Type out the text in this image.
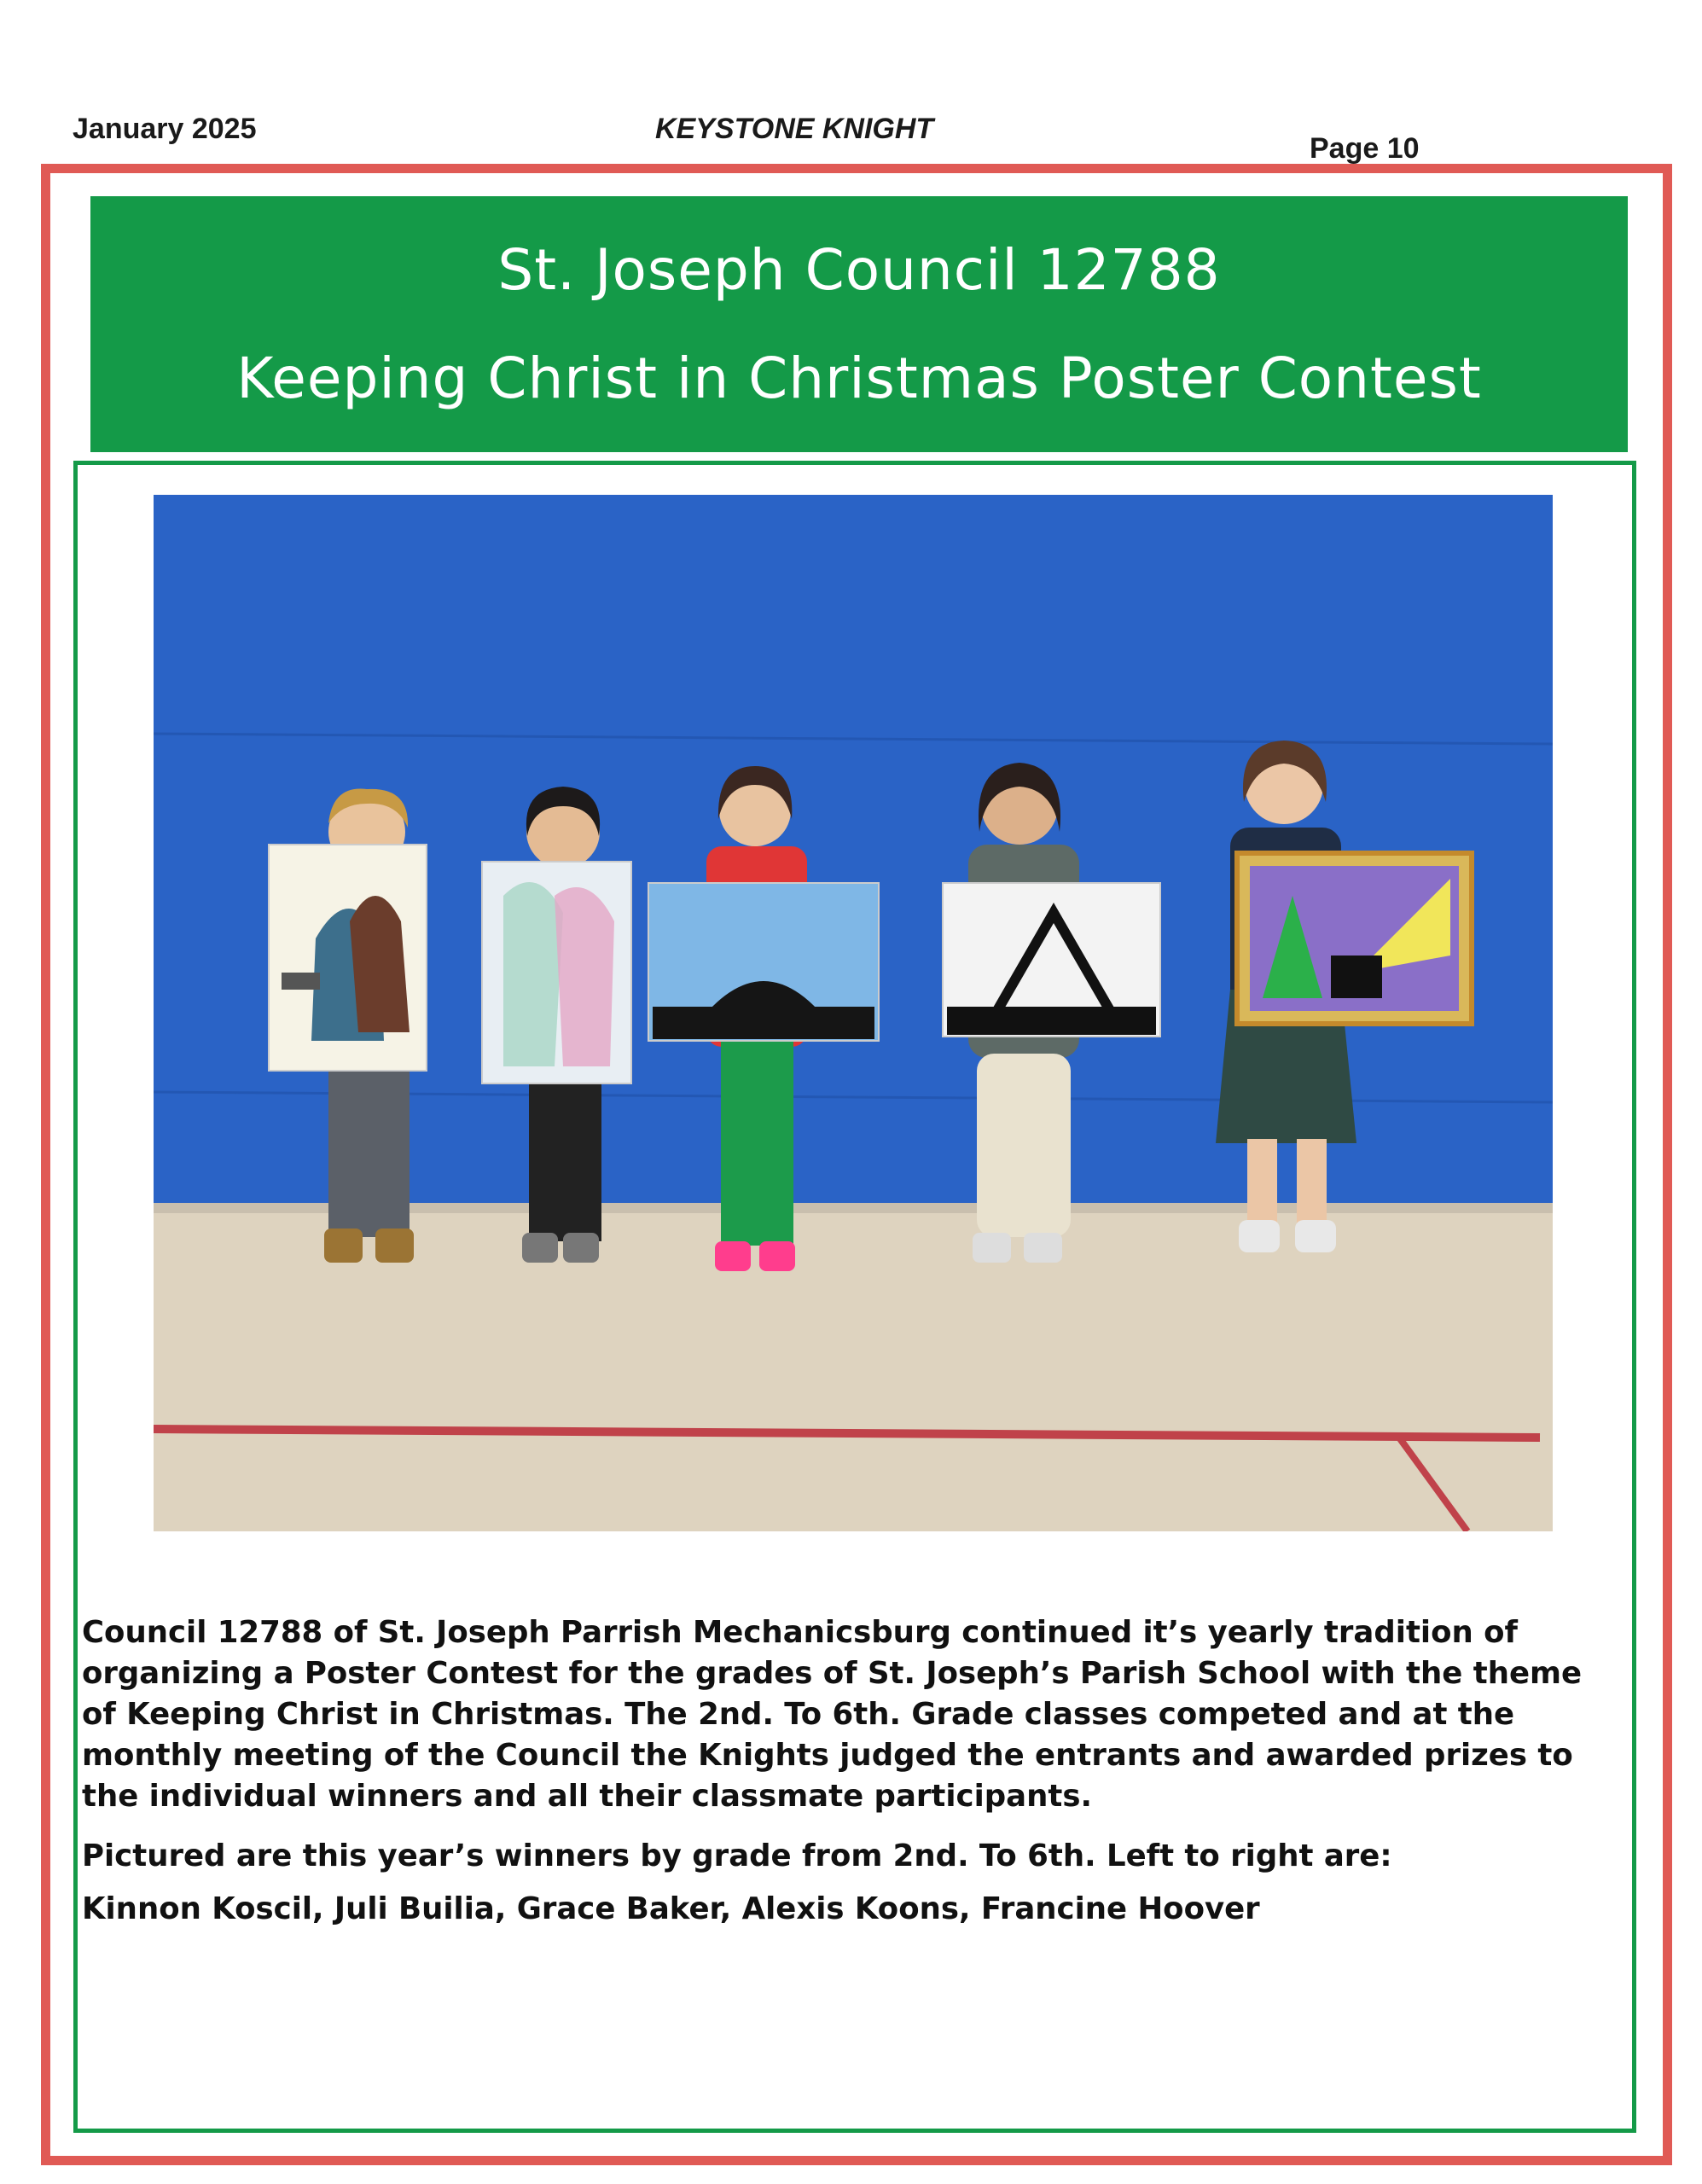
January 2025	KEYSTONE KNIGHT
Page 10
St. Joseph Council 12788
Keeping Christ in Christmas Poster Contest

Council 12788 of St. Joseph Parrish Mechanicsburg continued it’s yearly tradition of organizing a Poster Contest for the grades of St. Joseph’s Parish School with the theme of Keeping Christ in Christmas. The 2nd. To 6th. Grade classes competed and at the monthly meeting of the Council the Knights judged the entrants and awarded prizes to the individual winners and all their classmate participants.

Pictured are this year’s winners by grade from 2nd. To 6th. Left to right are:

Kinnon Koscil, Juli Builia, Grace Baker, Alexis Koons, Francine Hoover
